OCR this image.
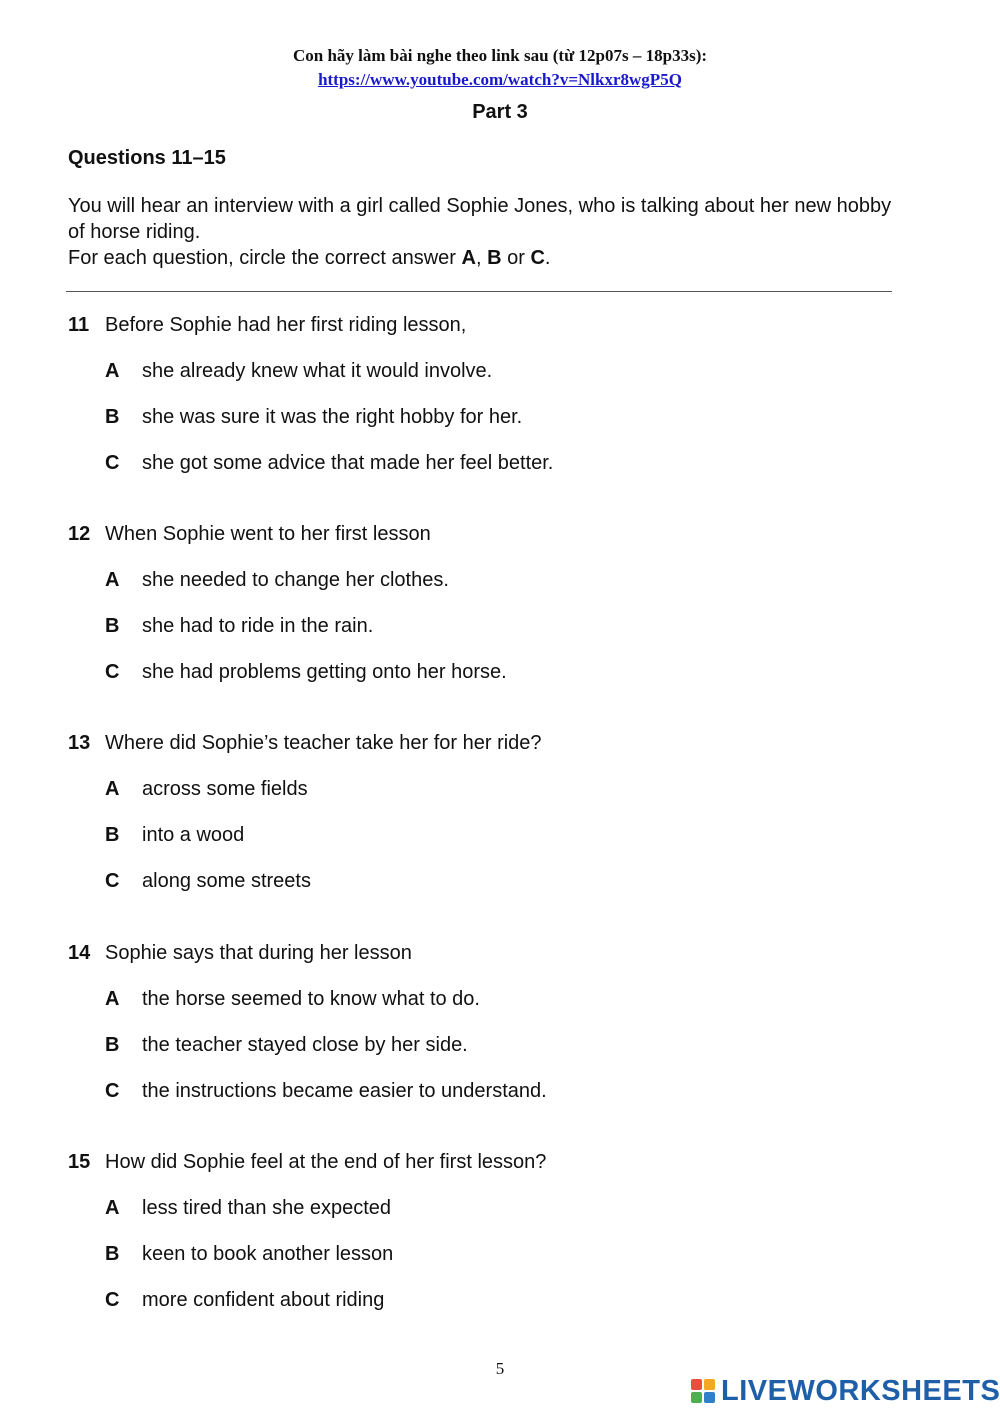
Con hãy làm bài nghe theo link sau (từ 12p07s – 18p33s):
https://www.youtube.com/watch?v=Nlkxr8wgP5Q
Part 3
Questions 11–15

You will hear an interview with a girl called Sophie Jones, who is talking about her new hobby of horse riding.

For each question, circle the correct answer A, B or C.

11 Before Sophie had her first riding lesson,
A she already knew what it would involve.
B she was sure it was the right hobby for her.
C she got some advice that made her feel better.
12 When Sophie went to her first lesson
A she needed to change her clothes.
B she had to ride in the rain.
C she had problems getting onto her horse.
13 Where did Sophie’s teacher take her for her ride?
A across some fields
B into a wood
C along some streets
14 Sophie says that during her lesson
A the horse seemed to know what to do.
B the teacher stayed close by her side.
C the instructions became easier to understand.
15 How did Sophie feel at the end of her first lesson?
A less tired than she expected
B keen to book another lesson
C more confident about riding
5
LIVEWORKSHEETS
